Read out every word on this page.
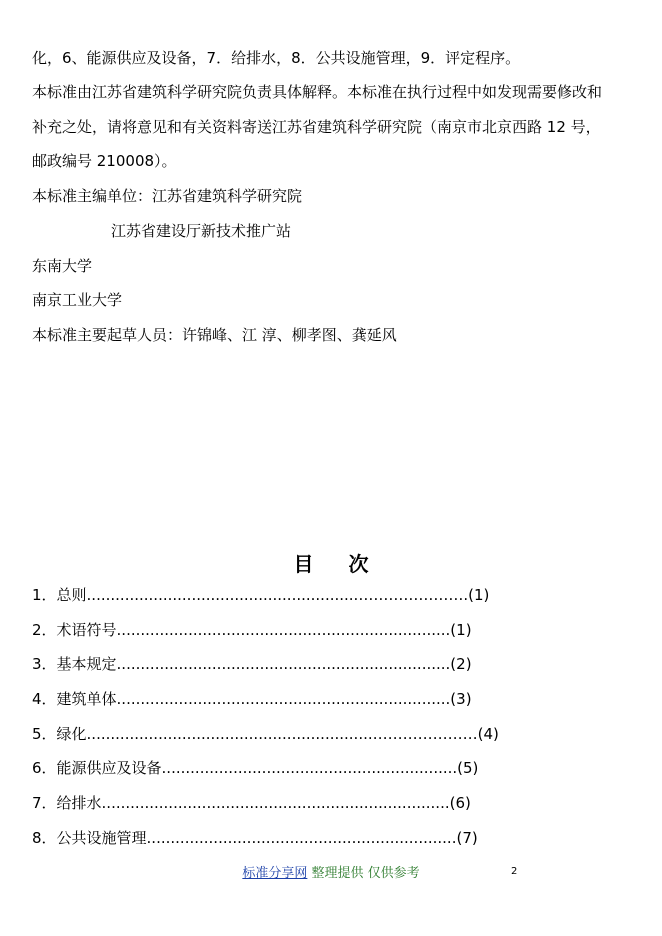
化，6、能源供应及设备，7．给排水，8．公共设施管理，9．评定程序。
本标准由江苏省建筑科学研究院负责具体解释。本标准在执行过程中如发现需要修改和
补充之处，请将意见和有关资料寄送江苏省建筑科学研究院（南京市北京西路 12 号，
邮政编号 210008）。
本标准主编单位：江苏省建筑科学研究院
江苏省建设厅新技术推广站
东南大学
南京工业大学
本标准主要起草人员：许锦峰、江 淳、柳孝图、龚延风
目 次
1．总则.........................................................………………….(1)
2．术语符号......................................................................(1)
3．基本规定......................................................................(2)
4．建筑单体......................................................................(3)
5．绿化............................................................…………………(4)
6．能源供应及设备..............................................................(5)
7．给排水.........................................................................(6)
8．公共设施管理.................................................................(7)
标准分享网 整理提供 仅供参考	2
